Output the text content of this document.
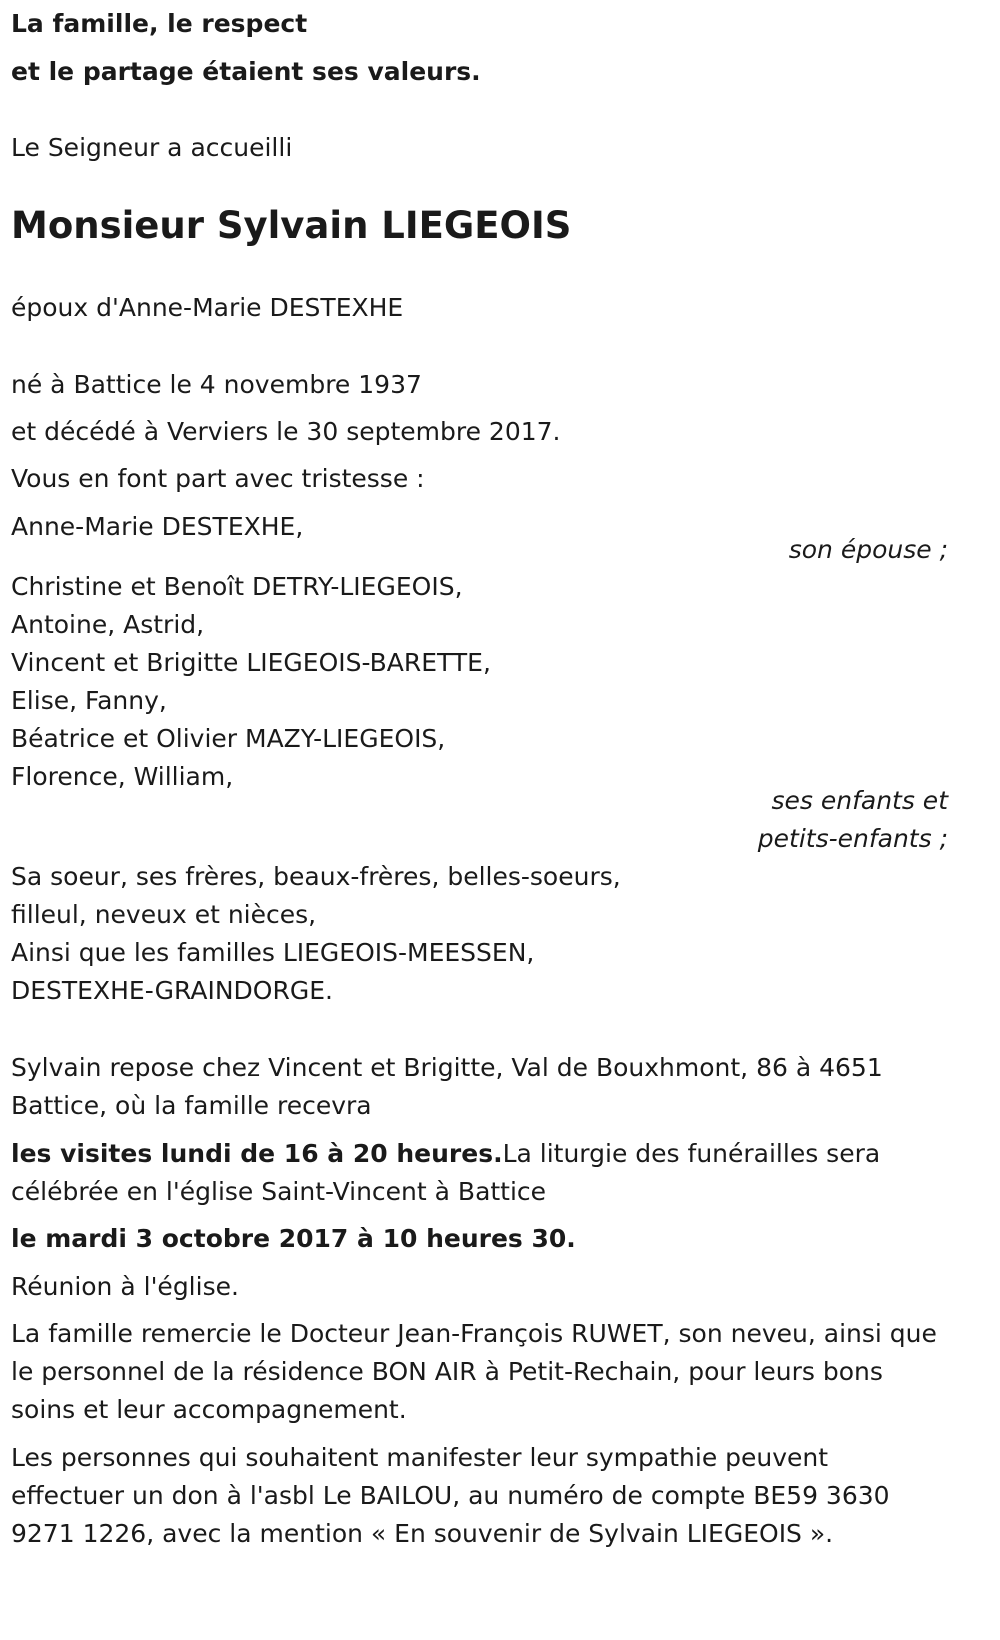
La famille, le respect
et le partage étaient ses valeurs.
Le Seigneur a accueilli
Monsieur Sylvain LIEGEOIS
époux d'Anne-Marie DESTEXHE
né à Battice le 4 novembre 1937
et décédé à Verviers le 30 septembre 2017.
Vous en font part avec tristesse :
Anne-Marie DESTEXHE,
son épouse ;
Christine et Benoît DETRY-LIEGEOIS,
Antoine, Astrid,
Vincent et Brigitte LIEGEOIS-BARETTE,
Elise, Fanny,
Béatrice et Olivier MAZY-LIEGEOIS,
Florence, William,
ses enfants et
petits-enfants ;
Sa soeur, ses frères, beaux-frères, belles-soeurs,
filleul, neveux et nièces,
Ainsi que les familles LIEGEOIS-MEESSEN,
DESTEXHE-GRAINDORGE.
Sylvain repose chez Vincent et Brigitte, Val de Bouxhmont, 86 à 4651
Battice, où la famille recevra
les visites lundi de 16 à 20 heures.La liturgie des funérailles sera
célébrée en l'église Saint-Vincent à Battice
le mardi 3 octobre 2017 à 10 heures 30.
Réunion à l'église.
La famille remercie le Docteur Jean-François RUWET, son neveu, ainsi que
le personnel de la résidence BON AIR à Petit-Rechain, pour leurs bons
soins et leur accompagnement.
Les personnes qui souhaitent manifester leur sympathie peuvent
effectuer un don à l'asbl Le BAILOU, au numéro de compte BE59 3630
9271 1226, avec la mention « En souvenir de Sylvain LIEGEOIS ».
